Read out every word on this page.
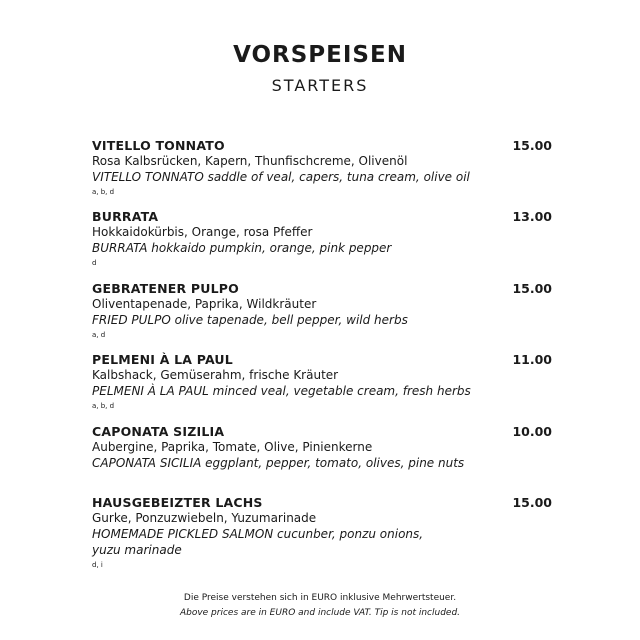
VORSPEISEN
STARTERS
VITELLO TONNATO	15.00
Rosa Kalbsrücken, Kapern, Thunfischcreme, Olivenöl
VITELLO TONNATO saddle of veal, capers, tuna cream, olive oil
a, b, d
BURRATA	13.00
Hokkaidokürbis, Orange, rosa Pfeffer
BURRATA hokkaido pumpkin, orange, pink pepper
d
GEBRATENER PULPO	15.00
Oliventapenade, Paprika, Wildkräuter
FRIED PULPO olive tapenade, bell pepper, wild herbs
a, d
PELMENI À LA PAUL	11.00
Kalbshack, Gemüserahm, frische Kräuter
PELMENI À LA PAUL minced veal, vegetable cream, fresh herbs
a, b, d
CAPONATA SIZILIA	10.00
Aubergine, Paprika, Tomate, Olive, Pinienkerne
CAPONATA SICILIA eggplant, pepper, tomato, olives, pine nuts
HAUSGEBEIZTER LACHS	15.00
Gurke, Ponzuzwiebeln, Yuzumarinade
HOMEMADE PICKLED SALMON cucunber, ponzu onions,
yuzu marinade
d, i
Die Preise verstehen sich in EURO inklusive Mehrwertsteuer.
Above prices are in EURO and include VAT. Tip is not included.
